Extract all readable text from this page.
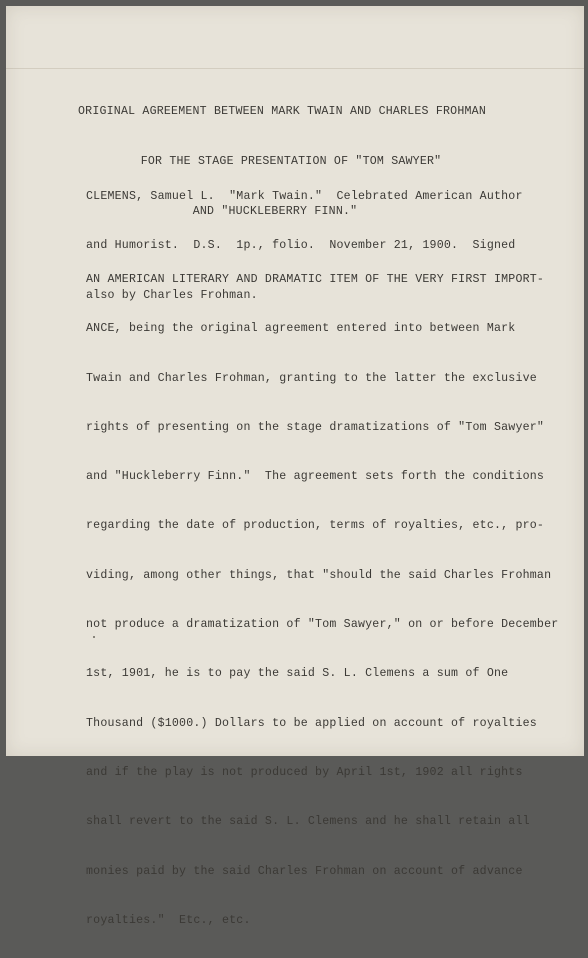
ORIGINAL AGREEMENT BETWEEN MARK TWAIN AND CHARLES FROHMAN

FOR THE STAGE PRESENTATION OF "TOM SAWYER"

AND "HUCKLEBERRY FINN."

CLEMENS, Samuel L.  "Mark Twain."  Celebrated American Author

and Humorist.  D.S.  1p., folio.  November 21, 1900.  Signed

also by Charles Frohman.

AN AMERICAN LITERARY AND DRAMATIC ITEM OF THE VERY FIRST IMPORT-

ANCE, being the original agreement entered into between Mark

Twain and Charles Frohman, granting to the latter the exclusive

rights of presenting on the stage dramatizations of "Tom Sawyer"

and "Huckleberry Finn."  The agreement sets forth the conditions

regarding the date of production, terms of royalties, etc., pro-

viding, among other things, that "should the said Charles Frohman

not produce a dramatization of "Tom Sawyer," on or before December

1st, 1901, he is to pay the said S. L. Clemens a sum of One

Thousand ($1000.) Dollars to be applied on account of royalties

and if the play is not produced by April 1st, 1902 all rights

shall revert to the said S. L. Clemens and he shall retain all

monies paid by the said Charles Frohman on account of advance

royalties."  Etc., etc.
